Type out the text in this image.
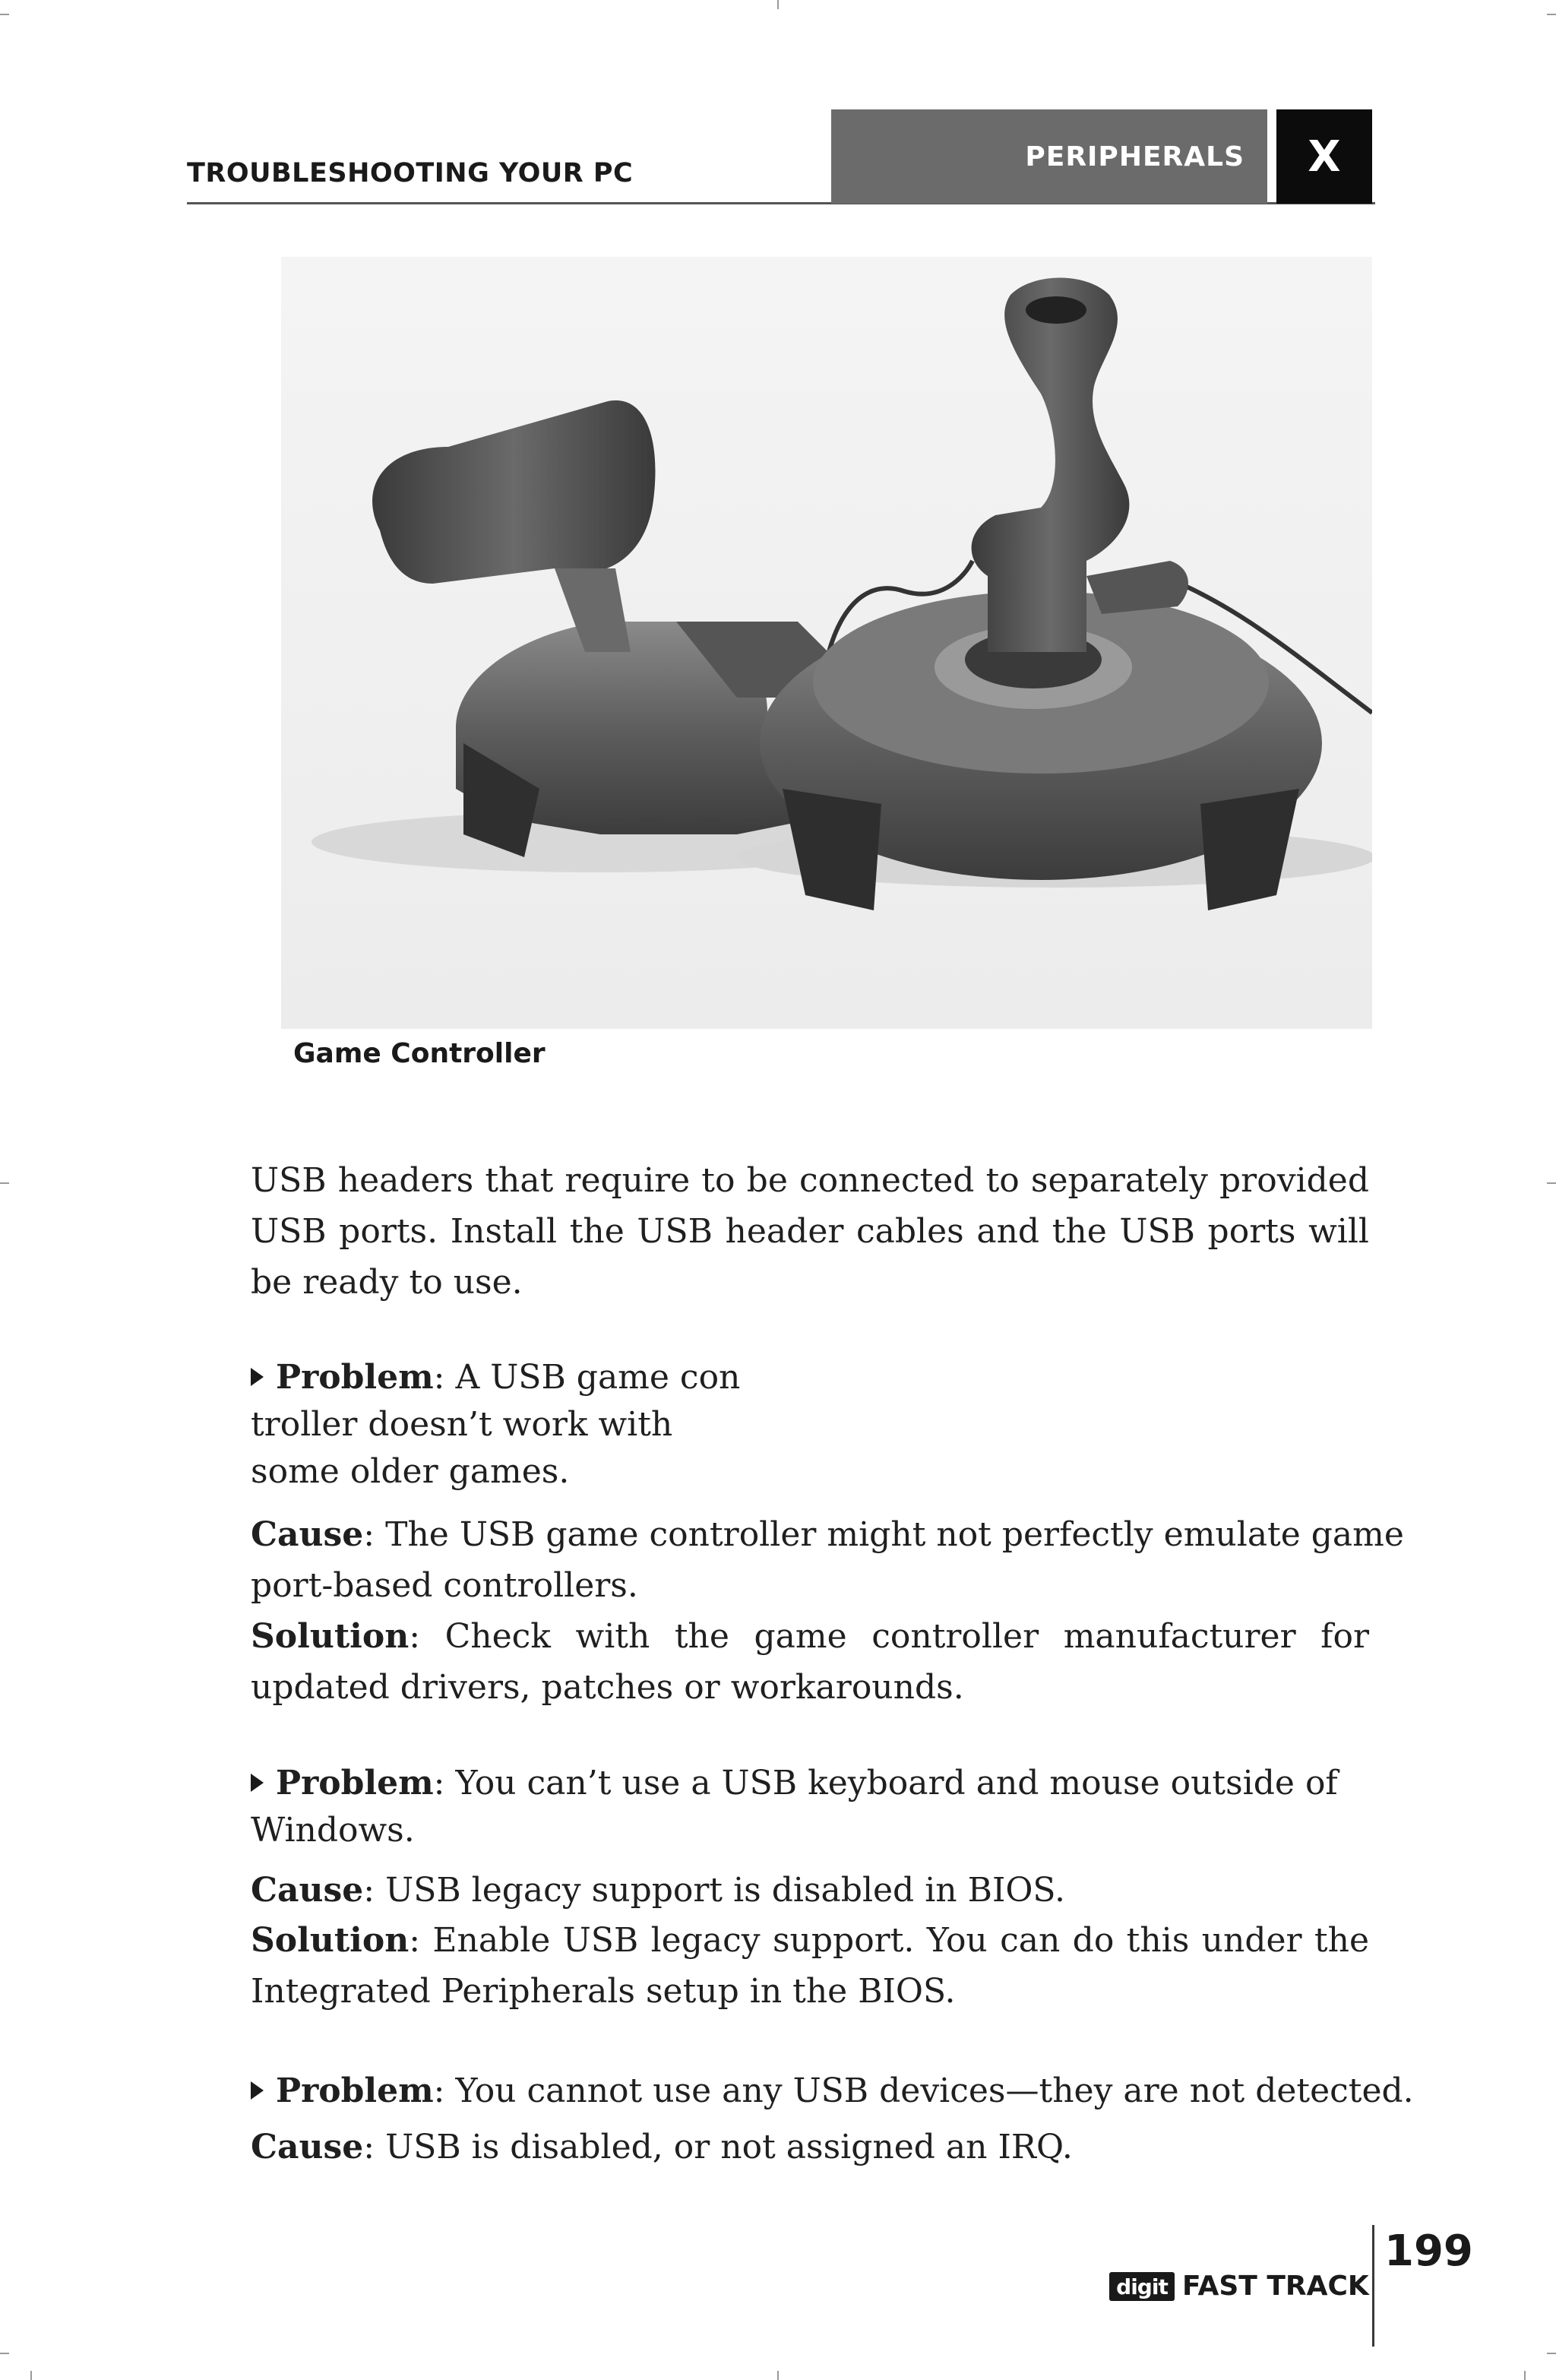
TROUBLESHOOTING YOUR PC
PERIPHERALS X
Game Controller

USB headers that require to be connected to separately provided
USB ports. Install the USB header cables and the USB ports will
be ready to use.

Problem: A USB game con
troller doesn’t work with
some older games.

Cause: The USB game controller might not perfectly emulate game
port-based controllers.

Solution: Check with the game controller manufacturer for
updated drivers, patches or workarounds.

Problem: You can’t use a USB keyboard and mouse outside of
Windows.

Cause: USB legacy support is disabled in BIOS.

Solution: Enable USB legacy support. You can do this under the
Integrated Peripherals setup in the BIOS.

Problem: You cannot use any USB devices—they are not detected.

Cause: USB is disabled, or not assigned an IRQ.

digit FAST TRACK
199
